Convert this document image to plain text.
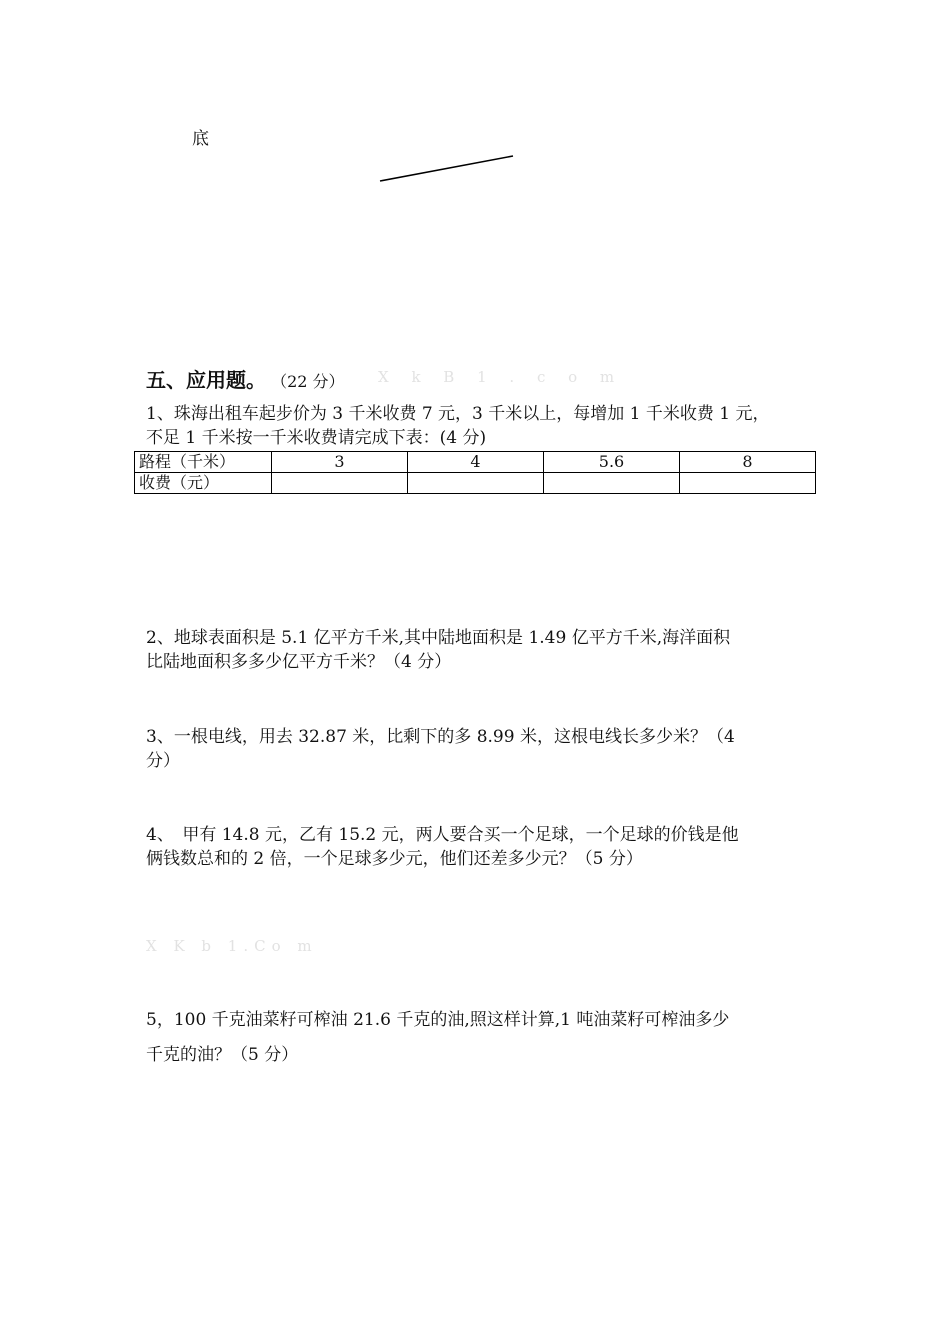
底
五、应用题。 （22 分） X k B 1 . c o m
1、珠海出租车起步价为 3 千米收费 7 元，3 千米以上，每增加 1 千米收费 1 元，
不足 1 千米按一千米收费请完成下表：(4 分)
路程（千米）	3	4	5.6	8
收费（元）				
2、地球表面积是 5.1 亿平方千米,其中陆地面积是 1.49 亿平方千米,海洋面积
比陆地面积多多少亿平方千米？（4 分）
3、一根电线，用去 32.87 米，比剩下的多 8.99 米，这根电线长多少米？（4
分）
4、　甲有 14.8 元，乙有 15.2 元，两人要合买一个足球，一个足球的价钱是他
俩钱数总和的 2 倍，一个足球多少元，他们还差多少元？（5 分）
X K b 1.Co m
5，100 千克油菜籽可榨油 21.6 千克的油,照这样计算,1 吨油菜籽可榨油多少
千克的油？（5 分）
